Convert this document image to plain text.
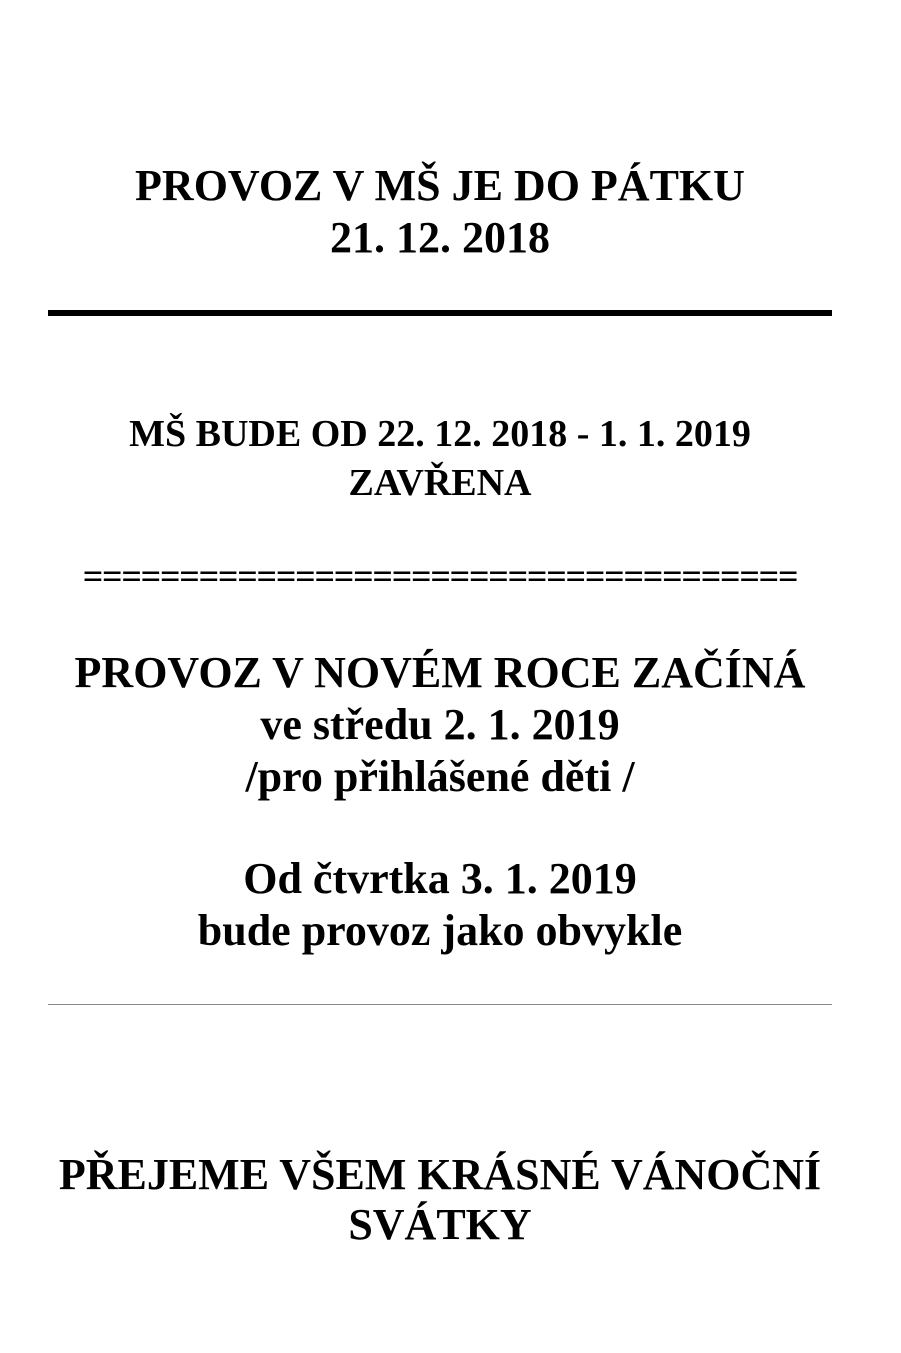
PROVOZ V MŠ JE DO PÁTKU
21. 12. 2018
MŠ BUDE OD 22. 12. 2018 - 1. 1. 2019
ZAVŘENA
=====================================
PROVOZ V NOVÉM ROCE ZAČÍNÁ
ve středu 2. 1. 2019
/pro přihlášené děti /
Od čtvrtka 3. 1. 2019
bude provoz jako obvykle
PŘEJEME VŠEM KRÁSNÉ VÁNOČNÍ
SVÁTKY
